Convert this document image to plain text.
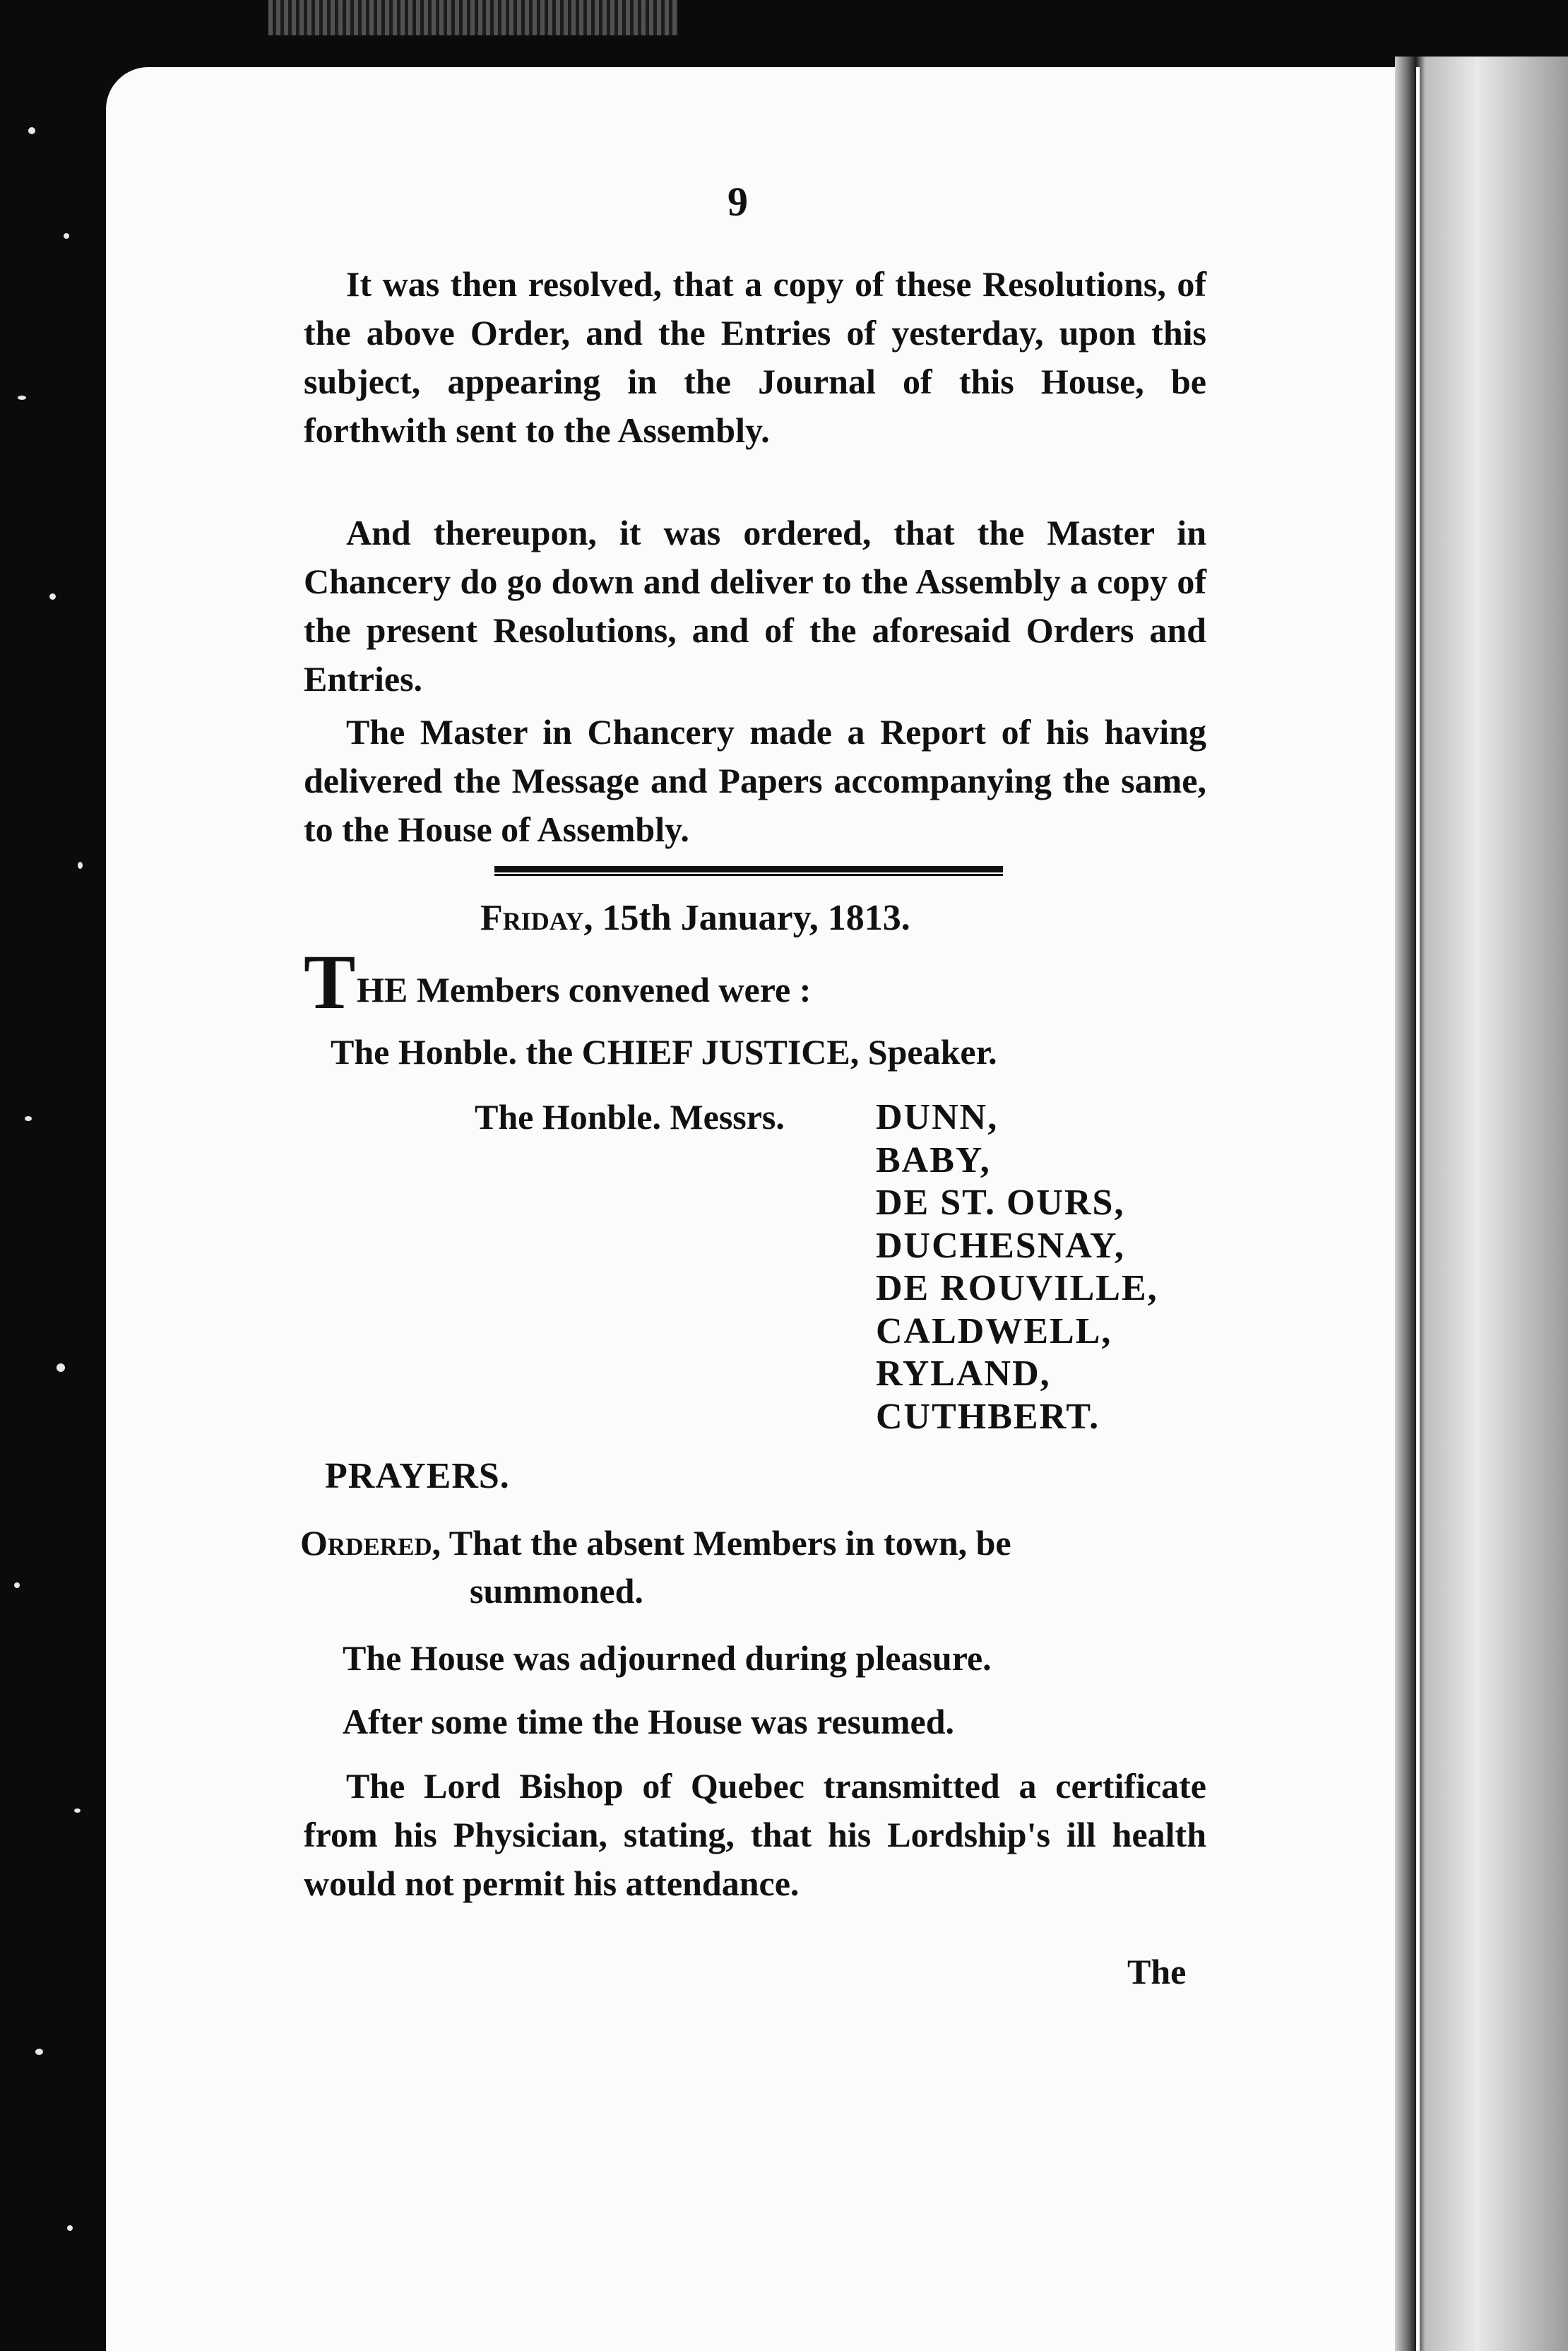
9

It was then resolved, that a copy of these Resolutions, of the above Order, and the Entries of yesterday, upon this subject, appearing in the Journal of this House, be forthwith sent to the Assembly.

And thereupon, it was ordered, that the Master in Chancery do go down and deliver to the Assembly a copy of the present Resolutions, and of the aforesaid Orders and Entries.

The Master in Chancery made a Report of his having delivered the Message and Papers accompanying the same, to the House of Assembly.

Friday, 15th January, 1813.
T HE Members convened were :
The Honble. the CHIEF JUSTICE, Speaker.
The Honble. Messrs. DUNN,
BABY,
DE ST. OURS,
DUCHESNAY,
DE ROUVILLE,
CALDWELL,
RYLAND,
CUTHBERT.
PRAYERS.
Ordered, That the absent Members in town, be
summoned.
The House was adjourned during pleasure.
After some time the House was resumed.

The Lord Bishop of Quebec transmitted a certificate from his Physician, stating, that his Lordship's ill health would not permit his attendance.

The
